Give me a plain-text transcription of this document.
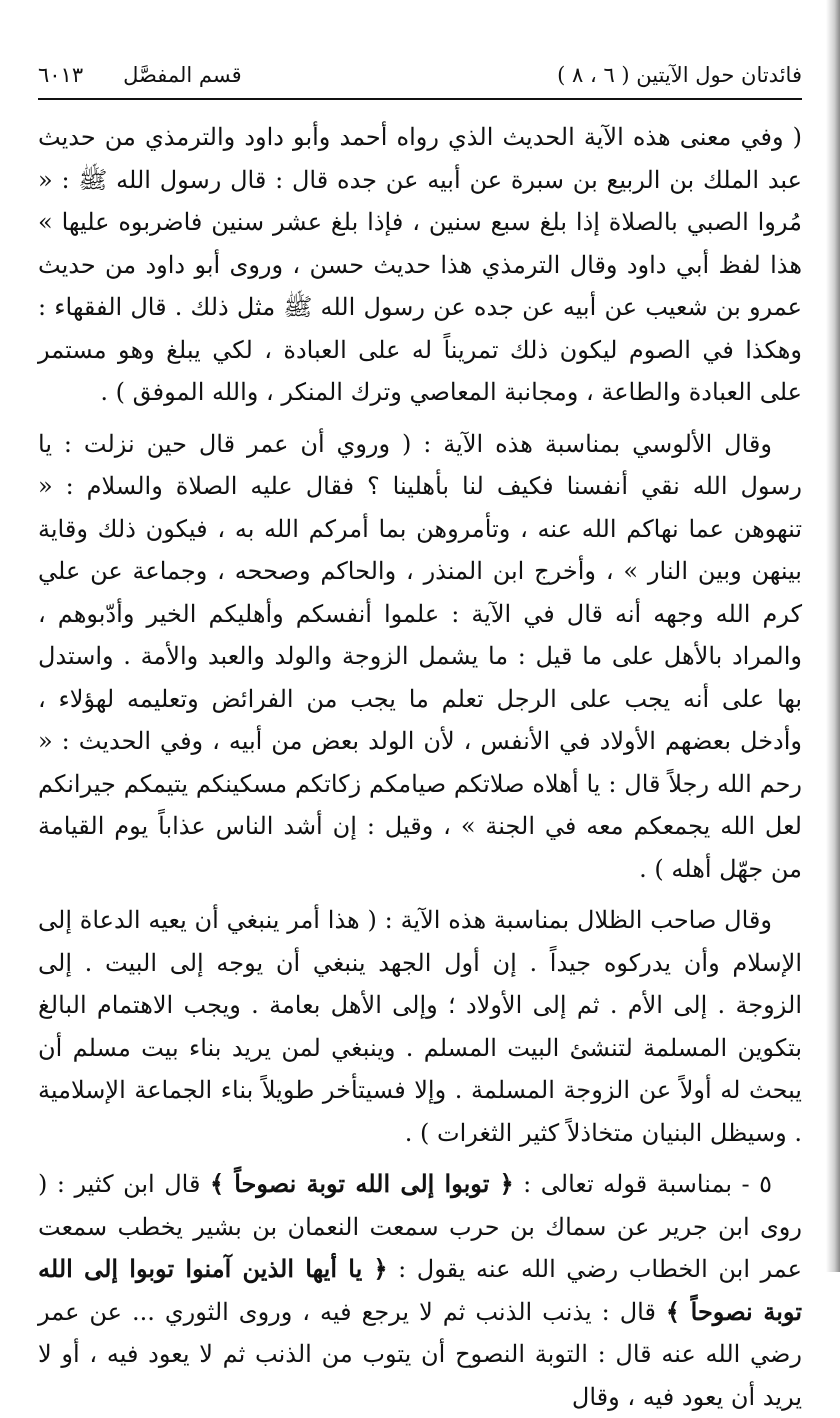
فائدتان حول الآيتين ( ٦ ، ٨ )
قسم المفصَّل
٦٠١٣

( وفي معنى هذه الآية الحديث الذي رواه أحمد وأبو داود والترمذي من حديث عبد الملك بن الربيع بن سبرة عن أبيه عن جده قال : قال رسول الله ﷺ : « مُروا الصبي بالصلاة إذا بلغ سبع سنين ، فإذا بلغ عشر سنين فاضربوه عليها » هذا لفظ أبي داود وقال الترمذي هذا حديث حسن ، وروى أبو داود من حديث عمرو بن شعيب عن أبيه عن جده عن رسول الله ﷺ مثل ذلك . قال الفقهاء : وهكذا في الصوم ليكون ذلك تمريناً له على العبادة ، لكي يبلغ وهو مستمر على العبادة والطاعة ، ومجانبة المعاصي وترك المنكر ، والله الموفق ) .

وقال الألوسي بمناسبة هذه الآية : ( وروي أن عمر قال حين نزلت : يا رسول الله نقي أنفسنا فكيف لنا بأهلينا ؟ فقال عليه الصلاة والسلام : « تنهوهن عما نهاكم الله عنه ، وتأمروهن بما أمركم الله به ، فيكون ذلك وقاية بينهن وبين النار » ، وأخرج ابن المنذر ، والحاكم وصححه ، وجماعة عن علي كرم الله وجهه أنه قال في الآية : علموا أنفسكم وأهليكم الخير وأدّبوهم ، والمراد بالأهل على ما قيل : ما يشمل الزوجة والولد والعبد والأمة . واستدل بها على أنه يجب على الرجل تعلم ما يجب من الفرائض وتعليمه لهؤلاء ، وأدخل بعضهم الأولاد في الأنفس ، لأن الولد بعض من أبيه ، وفي الحديث : « رحم الله رجلاً قال : يا أهلاه صلاتكم صيامكم زكاتكم مسكينكم يتيمكم جيرانكم لعل الله يجمعكم معه في الجنة » ، وقيل : إن أشد الناس عذاباً يوم القيامة من جهّل أهله ) .

وقال صاحب الظلال بمناسبة هذه الآية : ( هذا أمر ينبغي أن يعيه الدعاة إلى الإسلام وأن يدركوه جيداً . إن أول الجهد ينبغي أن يوجه إلى البيت . إلى الزوجة . إلى الأم . ثم إلى الأولاد ؛ وإلى الأهل بعامة . ويجب الاهتمام البالغ بتكوين المسلمة لتنشئ البيت المسلم . وينبغي لمن يريد بناء بيت مسلم أن يبحث له أولاً عن الزوجة المسلمة . وإلا فسيتأخر طويلاً بناء الجماعة الإسلامية . وسيظل البنيان متخاذلاً كثير الثغرات ) .

٥ - بمناسبة قوله تعالى : ﴿ توبوا إلى الله توبة نصوحاً ﴾ قال ابن كثير : ( روى ابن جرير عن سماك بن حرب سمعت النعمان بن بشير يخطب سمعت عمر ابن الخطاب رضي الله عنه يقول : ﴿ يا أيها الذين آمنوا توبوا إلى الله توبة نصوحاً ﴾ قال : يذنب الذنب ثم لا يرجع فيه ، وروى الثوري ... عن عمر رضي الله عنه قال : التوبة النصوح أن يتوب من الذنب ثم لا يعود فيه ، أو لا يريد أن يعود فيه ، وقال
